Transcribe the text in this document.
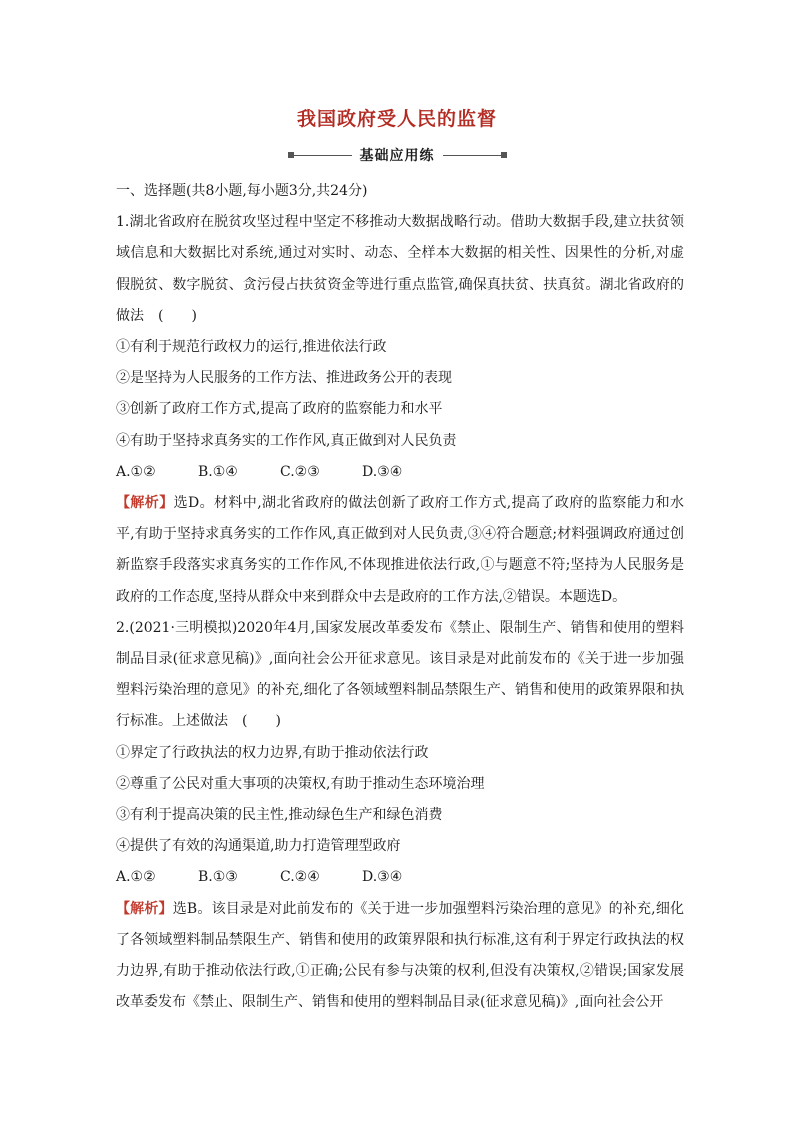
我国政府受人民的监督
基础应用练

一、选择题(共8小题,每小题3分,共24分)

1.湖北省政府在脱贫攻坚过程中坚定不移推动大数据战略行动。借助大数据手段,建立扶贫领域信息和大数据比对系统,通过对实时、动态、全样本大数据的相关性、因果性的分析,对虚假脱贫、数字脱贫、贪污侵占扶贫资金等进行重点监管,确保真扶贫、扶真贫。湖北省政府的做法　(　　)

①有利于规范行政权力的运行,推进依法行政

②是坚持为人民服务的工作方法、推进政务公开的表现

③创新了政府工作方式,提高了政府的监察能力和水平

④有助于坚持求真务实的工作作风,真正做到对人民负责

A.①②	B.①④	C.②③	D.③④

【解析】选D。材料中,湖北省政府的做法创新了政府工作方式,提高了政府的监察能力和水平,有助于坚持求真务实的工作作风,真正做到对人民负责,③④符合题意;材料强调政府通过创新监察手段落实求真务实的工作作风,不体现推进依法行政,①与题意不符;坚持为人民服务是政府的工作态度,坚持从群众中来到群众中去是政府的工作方法,②错误。本题选D。

2.(2021·三明模拟)2020年4月,国家发展改革委发布《禁止、限制生产、销售和使用的塑料制品目录(征求意见稿)》,面向社会公开征求意见。该目录是对此前发布的《关于进一步加强塑料污染治理的意见》的补充,细化了各领域塑料制品禁限生产、销售和使用的政策界限和执行标准。上述做法　(　　)

①界定了行政执法的权力边界,有助于推动依法行政

②尊重了公民对重大事项的决策权,有助于推动生态环境治理

③有利于提高决策的民主性,推动绿色生产和绿色消费

④提供了有效的沟通渠道,助力打造管理型政府

A.①②	B.①③	C.②④	D.③④

【解析】选B。该目录是对此前发布的《关于进一步加强塑料污染治理的意见》的补充,细化了各领域塑料制品禁限生产、销售和使用的政策界限和执行标准,这有利于界定行政执法的权力边界,有助于推动依法行政,①正确;公民有参与决策的权利,但没有决策权,②错误;国家发展改革委发布《禁止、限制生产、销售和使用的塑料制品目录(征求意见稿)》,面向社会公开
